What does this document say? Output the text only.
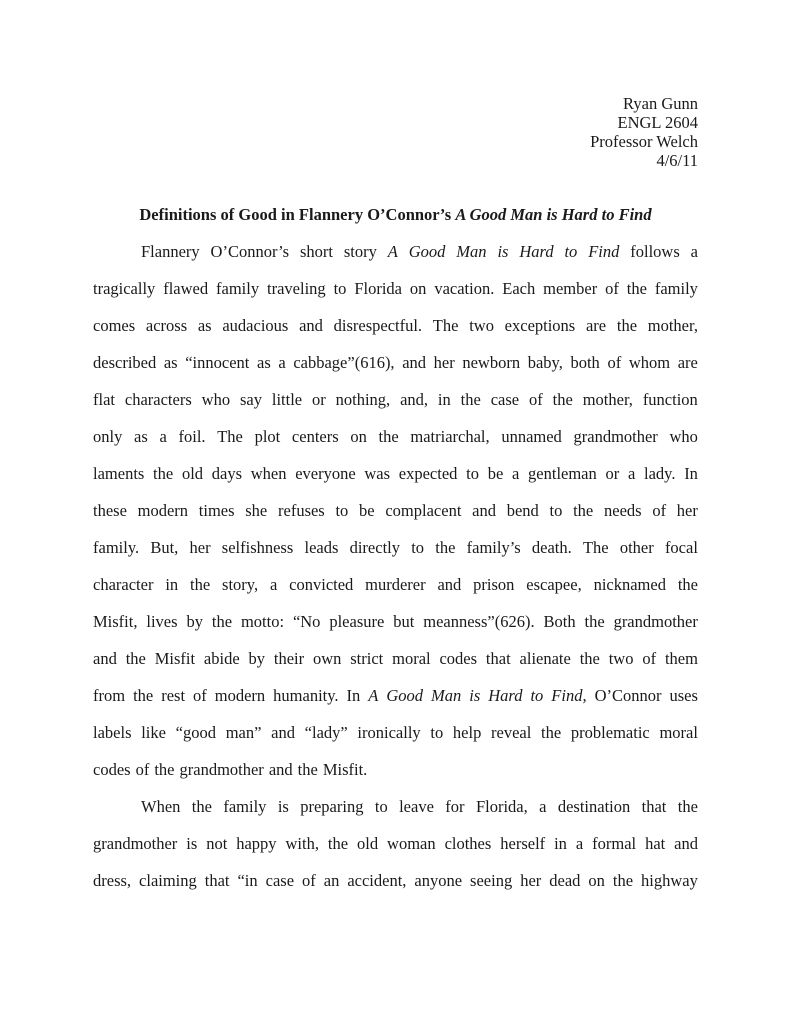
Ryan Gunn
ENGL 2604
Professor Welch
4/6/11
Definitions of Good in Flannery O’Connor’s A Good Man is Hard to Find
Flannery O’Connor’s short story A Good Man is Hard to Find follows a
tragically flawed family traveling to Florida on vacation. Each member of the family
comes across as audacious and disrespectful. The two exceptions are the mother,
described as “innocent as a cabbage”(616), and her newborn baby, both of whom are
flat characters who say little or nothing, and, in the case of the mother, function
only as a foil. The plot centers on the matriarchal, unnamed grandmother who
laments the old days when everyone was expected to be a gentleman or a lady. In
these modern times she refuses to be complacent and bend to the needs of her
family. But, her selfishness leads directly to the family’s death. The other focal
character in the story, a convicted murderer and prison escapee, nicknamed the
Misfit, lives by the motto: “No pleasure but meanness”(626). Both the grandmother
and the Misfit abide by their own strict moral codes that alienate the two of them
from the rest of modern humanity. In A Good Man is Hard to Find, O’Connor uses
labels like “good man” and “lady” ironically to help reveal the problematic moral
codes of the grandmother and the Misfit.
When the family is preparing to leave for Florida, a destination that the
grandmother is not happy with, the old woman clothes herself in a formal hat and
dress, claiming that “in case of an accident, anyone seeing her dead on the highway
